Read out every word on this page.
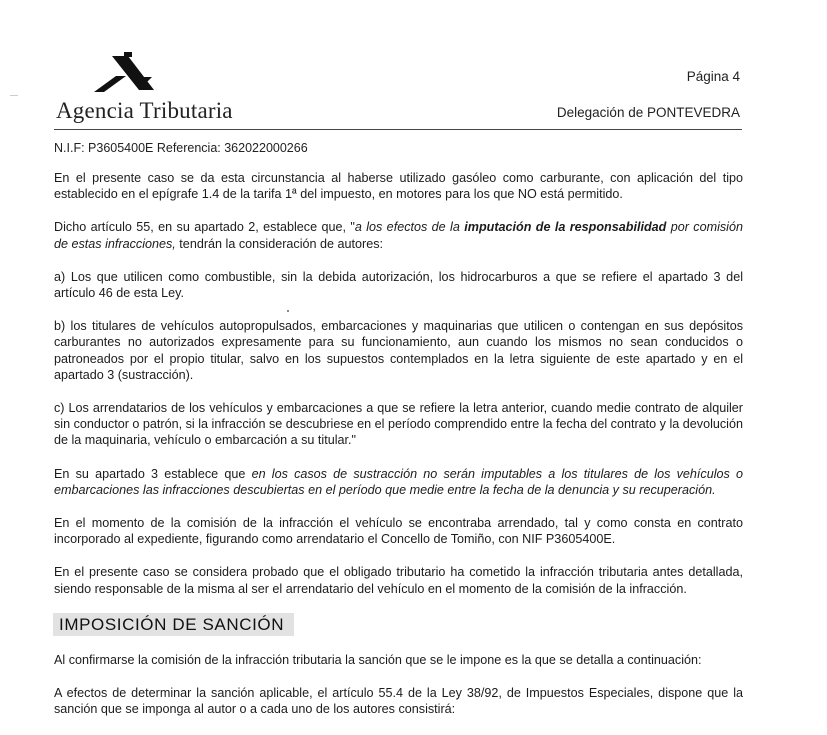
Agencia Tributaria
Página 4
Delegación de PONTEVEDRA
N.I.F: P3605400E Referencia: 362022000266

En el presente caso se da esta circunstancia al haberse utilizado gasóleo como carburante, con aplicación del tipo establecido en el epígrafe 1.4 de la tarifa 1ª del impuesto, en motores para los que NO está permitido.

Dicho artículo 55, en su apartado 2, establece que, "a los efectos de la imputación de la responsabilidad por comisión de estas infracciones, tendrán la consideración de autores:

a) Los que utilicen como combustible, sin la debida autorización, los hidrocarburos a que se refiere el apartado 3 del artículo 46 de esta Ley.

b) los titulares de vehículos autopropulsados, embarcaciones y maquinarias que utilicen o contengan en sus depósitos carburantes no autorizados expresamente para su funcionamiento, aun cuando los mismos no sean conducidos o patroneados por el propio titular, salvo en los supuestos contemplados en la letra siguiente de este apartado y en el apartado 3 (sustracción).

c) Los arrendatarios de los vehículos y embarcaciones a que se refiere la letra anterior, cuando medie contrato de alquiler sin conductor o patrón, si la infracción se descubriese en el período comprendido entre la fecha del contrato y la devolución de la maquinaria, vehículo o embarcación a su titular."

En su apartado 3 establece que en los casos de sustracción no serán imputables a los titulares de los vehículos o embarcaciones las infracciones descubiertas en el período que medie entre la fecha de la denuncia y su recuperación.

En el momento de la comisión de la infracción el vehículo se encontraba arrendado, tal y como consta en contrato incorporado al expediente, figurando como arrendatario el Concello de Tomiño, con NIF P3605400E.

En el presente caso se considera probado que el obligado tributario ha cometido la infracción tributaria antes detallada, siendo responsable de la misma al ser el arrendatario del vehículo en el momento de la comisión de la infracción.

IMPOSICIÓN DE SANCIÓN

Al confirmarse la comisión de la infracción tributaria la sanción que se le impone es la que se detalla a continuación:

A efectos de determinar la sanción aplicable, el artículo 55.4 de la Ley 38/92, de Impuestos Especiales, dispone que la sanción que se imponga al autor o a cada uno de los autores consistirá:
